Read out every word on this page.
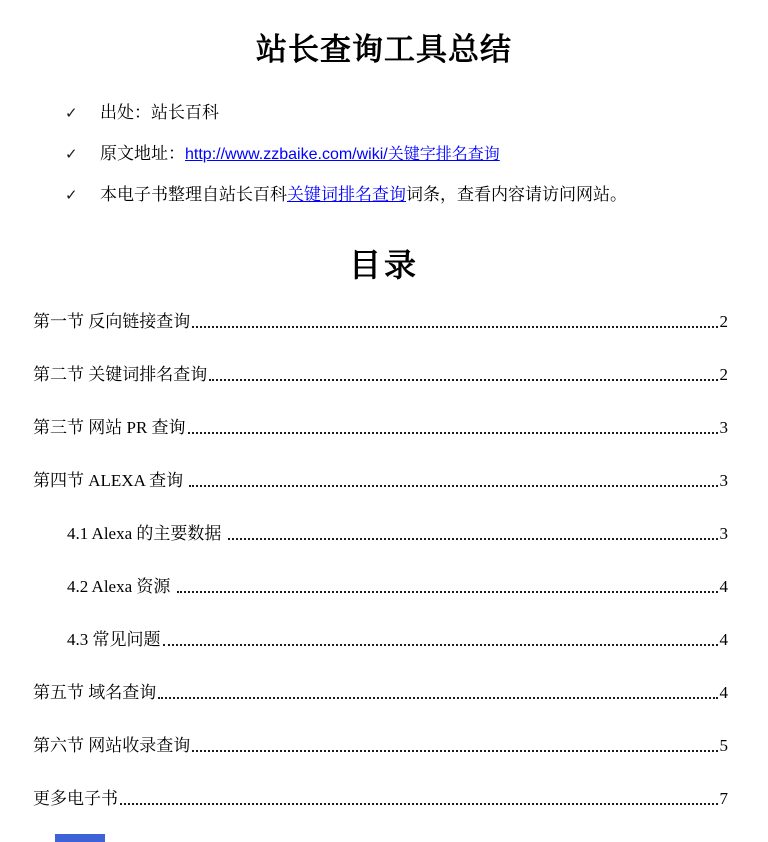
站长查询工具总结
✓	出处：站长百科
✓	原文地址：http://www.zzbaike.com/wiki/关键字排名查询
✓	本电子书整理自站长百科关键词排名查询词条，查看内容请访问网站。
目录
第一节 反向链接查询	2
第二节 关键词排名查询	2
第三节 网站 PR 查询	3
第四节 ALEXA 查询	3
4.1 Alexa 的主要数据	3
4.2 Alexa 资源	4
4.3 常见问题	4
第五节 域名查询	4
第六节 网站收录查询	5
更多电子书	7
